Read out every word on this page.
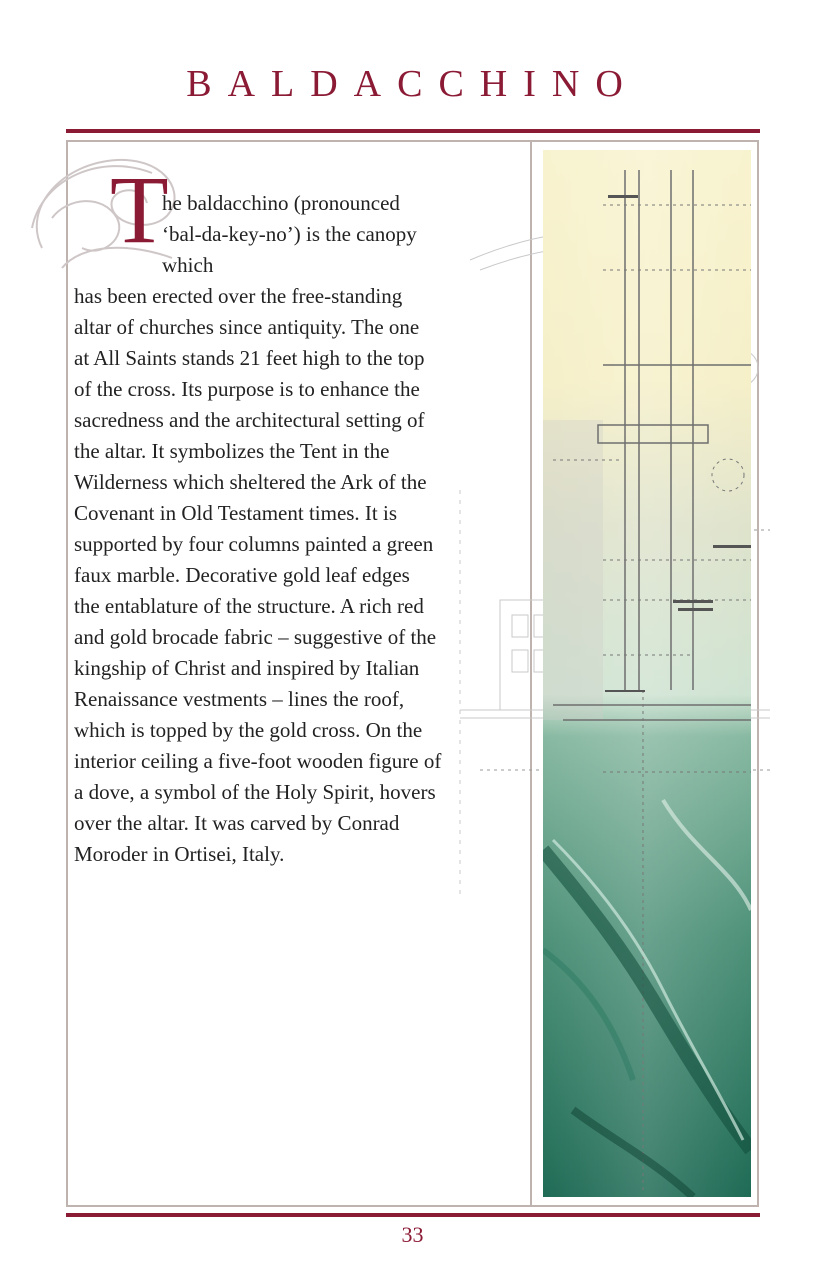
BALDACCHINO
T
he baldacchino (pronounced
‘bal-da-key-no’) is the canopy
which
has been erected over the free-standing
altar of churches since antiquity. The one
at All Saints stands 21 feet high to the top
of the cross. Its purpose is to enhance the
sacredness and the architectural setting of
the altar. It symbolizes the Tent in the
Wilderness which sheltered the Ark of the
Covenant in Old Testament times. It is
supported by four columns painted a green
faux marble. Decorative gold leaf edges
the entablature of the structure. A rich red
and gold brocade fabric – suggestive of the
kingship of Christ and inspired by Italian
Renaissance vestments – lines the roof,
which is topped by the gold cross. On the
interior ceiling a five-foot wooden figure of
a dove, a symbol of the Holy Spirit, hovers
over the altar. It was carved by Conrad
Moroder in Ortisei, Italy.
33
